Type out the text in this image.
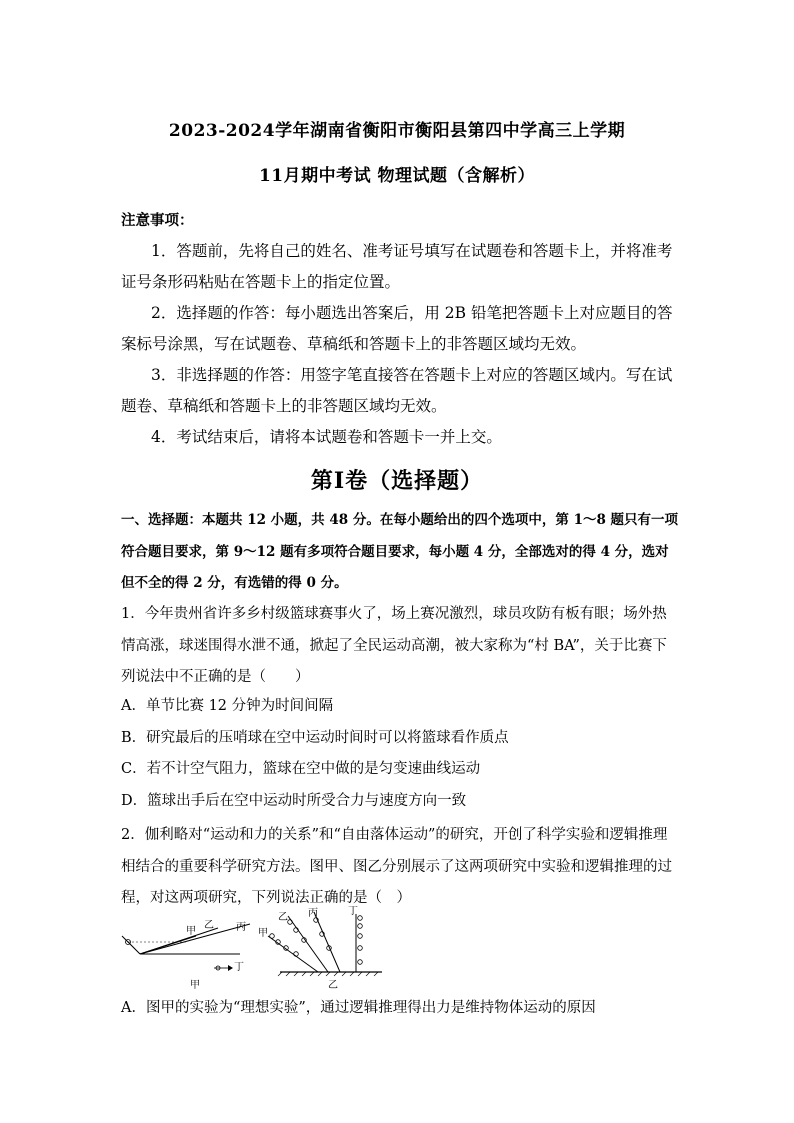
2023-2024学年湖南省衡阳市衡阳县第四中学高三上学期
11月期中考试 物理试题（含解析）
注意事项：
1．答题前，先将自己的姓名、准考证号填写在试题卷和答题卡上，并将准考证号条形码粘贴在答题卡上的指定位置。
2．选择题的作答：每小题选出答案后，用 2B 铅笔把答题卡上对应题目的答案标号涂黑，写在试题卷、草稿纸和答题卡上的非答题区域均无效。
3．非选择题的作答：用签字笔直接答在答题卡上对应的答题区域内。写在试题卷、草稿纸和答题卡上的非答题区域均无效。
4．考试结束后，请将本试题卷和答题卡一并上交。
第Ⅰ卷（选择题）
一、选择题：本题共 12 小题，共 48 分。在每小题给出的四个选项中，第 1～8 题只有一项符合题目要求，第 9～12 题有多项符合题目要求，每小题 4 分，全部选对的得 4 分，选对但不全的得 2 分，有选错的得 0 分。
1．今年贵州省许多乡村级篮球赛事火了，场上赛况激烈，球员攻防有板有眼；场外热情高涨，球迷围得水泄不通，掀起了全民运动高潮，被大家称为“村 BA”，关于比赛下列说法中不正确的是（　　）
A．单节比赛 12 分钟为时间间隔
B．研究最后的压哨球在空中运动时间时可以将篮球看作质点
C．若不计空气阻力，篮球在空中做的是匀变速曲线运动
D．篮球出手后在空中运动时所受合力与速度方向一致
2．伽利略对“运动和力的关系”和“自由落体运动”的研究，开创了科学实验和逻辑推理相结合的重要科学研究方法。图甲、图乙分别展示了这两项研究中实验和逻辑推理的过程，对这两项研究，下列说法正确的是（　）
甲
乙 丙
丁
甲
乙 丙	丁
甲
乙
A．图甲的实验为“理想实验”，通过逻辑推理得出力是维持物体运动的原因
